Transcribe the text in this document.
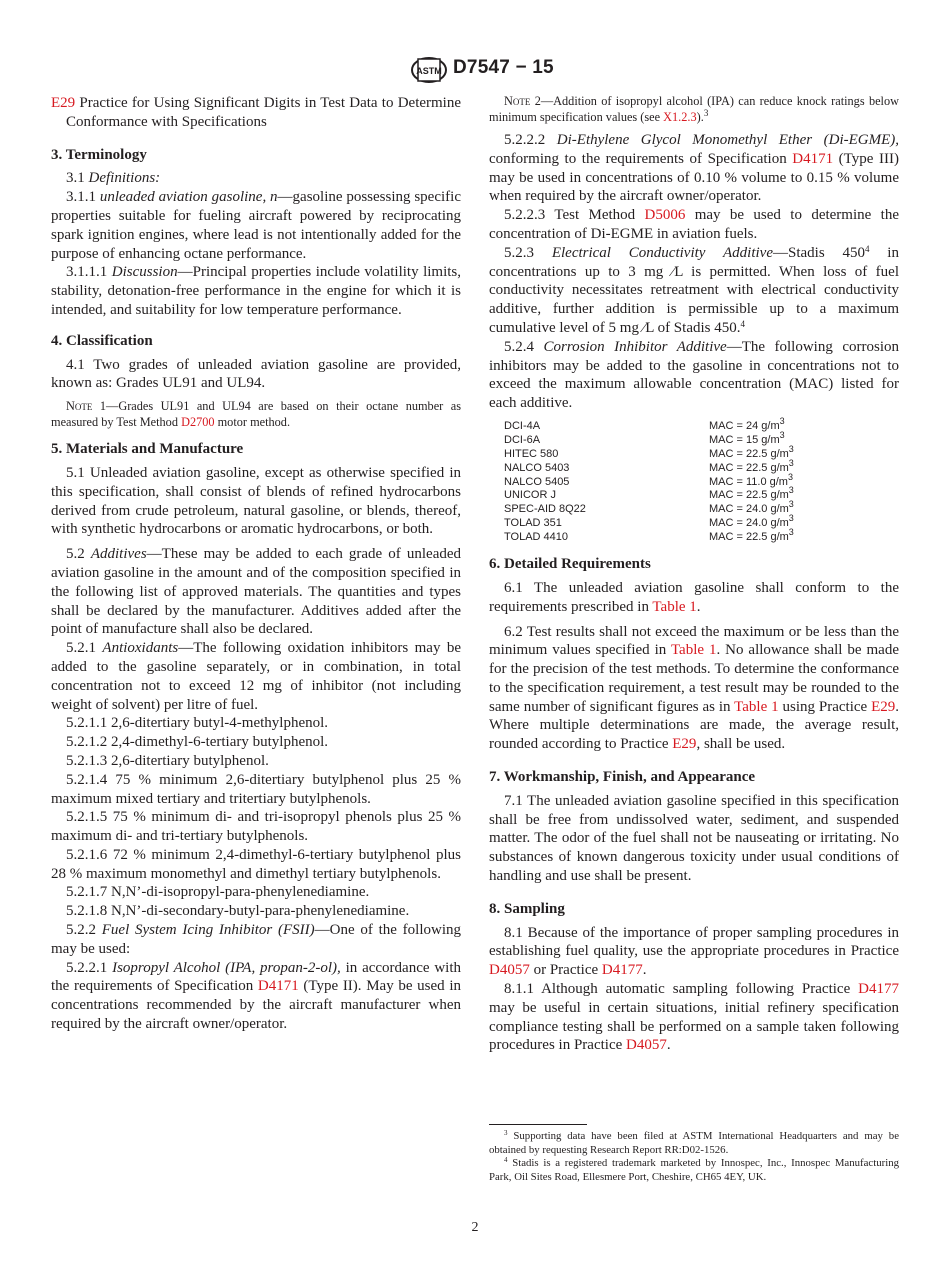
ASTM D7547 − 15

E29 Practice for Using Significant Digits in Test Data to Determine Conformance with Specifications

3. Terminology

3.1 Definitions:

3.1.1 unleaded aviation gasoline, n—gasoline possessing specific properties suitable for fueling aircraft powered by reciprocating spark ignition engines, where lead is not intentionally added for the purpose of enhancing octane performance.

3.1.1.1 Discussion—Principal properties include volatility limits, stability, detonation-free performance in the engine for which it is intended, and suitability for low temperature performance.

4. Classification

4.1 Two grades of unleaded aviation gasoline are provided, known as: Grades UL91 and UL94.

Note 1—Grades UL91 and UL94 are based on their octane number as measured by Test Method D2700 motor method.

5. Materials and Manufacture

5.1 Unleaded aviation gasoline, except as otherwise specified in this specification, shall consist of blends of refined hydrocarbons derived from crude petroleum, natural gasoline, or blends, thereof, with synthetic hydrocarbons or aromatic hydrocarbons, or both.

5.2 Additives—These may be added to each grade of unleaded aviation gasoline in the amount and of the composition specified in the following list of approved materials. The quantities and types shall be declared by the manufacturer. Additives added after the point of manufacture shall also be declared.

5.2.1 Antioxidants—The following oxidation inhibitors may be added to the gasoline separately, or in combination, in total concentration not to exceed 12 mg of inhibitor (not including weight of solvent) per litre of fuel.

5.2.1.1 2,6-ditertiary butyl-4-methylphenol.

5.2.1.2 2,4-dimethyl-6-tertiary butylphenol.

5.2.1.3 2,6-ditertiary butylphenol.

5.2.1.4 75 % minimum 2,6-ditertiary butylphenol plus 25 % maximum mixed tertiary and tritertiary butylphenols.

5.2.1.5 75 % minimum di- and tri-isopropyl phenols plus 25 % maximum di- and tri-tertiary butylphenols.

5.2.1.6 72 % minimum 2,4-dimethyl-6-tertiary butylphenol plus 28 % maximum monomethyl and dimethyl tertiary butylphenols.

5.2.1.7 N,N’-di-isopropyl-para-phenylenediamine.

5.2.1.8 N,N’-di-secondary-butyl-para-phenylenediamine.

5.2.2 Fuel System Icing Inhibitor (FSII)—One of the following may be used:

5.2.2.1 Isopropyl Alcohol (IPA, propan-2-ol), in accordance with the requirements of Specification D4171 (Type II). May be used in concentrations recommended by the aircraft manufacturer when required by the aircraft owner/operator.

Note 2—Addition of isopropyl alcohol (IPA) can reduce knock ratings below minimum specification values (see X1.2.3).$^3$

5.2.2.2 Di-Ethylene Glycol Monomethyl Ether (Di-EGME), conforming to the requirements of Specification D4171 (Type III) may be used in concentrations of 0.10 % volume to 0.15 % volume when required by the aircraft owner/operator.

5.2.2.3 Test Method D5006 may be used to determine the concentration of Di-EGME in aviation fuels.

5.2.3 Electrical Conductivity Additive—Stadis $450^4$ in concentrations up to 3 mg ⁄L is permitted. When loss of fuel conductivity necessitates retreatment with electrical conductivity additive, further addition is permissible up to a maximum cumulative level of 5 mg ⁄L of Stadis 450.$^4$

5.2.4 Corrosion Inhibitor Additive—The following corrosion inhibitors may be added to the gasoline in concentrations not to exceed the maximum allowable concentration (MAC) listed for each additive.

DCI-4A	MAC = 24 $g/m^3$
DCI-6A	MAC = 15 $g/m^3$
HITEC 580	MAC = 22.5 $g/m^3$
NALCO 5403	MAC = 22.5 $g/m^3$
NALCO 5405	MAC = 11.0 $g/m^3$
UNICOR J	MAC = 22.5 $g/m^3$
SPEC-AID 8Q22	MAC = 24.0 $g/m^3$
TOLAD 351	MAC = 24.0 $g/m^3$
TOLAD 4410	MAC = 22.5 $g/m^3$
6. Detailed Requirements

6.1 The unleaded aviation gasoline shall conform to the requirements prescribed in Table 1.

6.2 Test results shall not exceed the maximum or be less than the minimum values specified in Table 1. No allowance shall be made for the precision of the test methods. To determine the conformance to the specification requirement, a test result may be rounded to the same number of significant figures as in Table 1 using Practice E29. Where multiple determinations are made, the average result, rounded according to Practice E29, shall be used.

7. Workmanship, Finish, and Appearance

7.1 The unleaded aviation gasoline specified in this specification shall be free from undissolved water, sediment, and suspended matter. The odor of the fuel shall not be nauseating or irritating. No substances of known dangerous toxicity under usual conditions of handling and use shall be present.

8. Sampling

8.1 Because of the importance of proper sampling procedures in establishing fuel quality, use the appropriate procedures in Practice D4057 or Practice D4177.

8.1.1 Although automatic sampling following Practice D4177 may be useful in certain situations, initial refinery specification compliance testing shall be performed on a sample taken following procedures in Practice D4057.

$^3$ Supporting data have been filed at ASTM International Headquarters and may be obtained by requesting Research Report RR:D02-1526.

$^4$ Stadis is a registered trademark marketed by Innospec, Inc., Innospec Manufacturing Park, Oil Sites Road, Ellesmere Port, Cheshire, CH65 4EY, UK.

2
